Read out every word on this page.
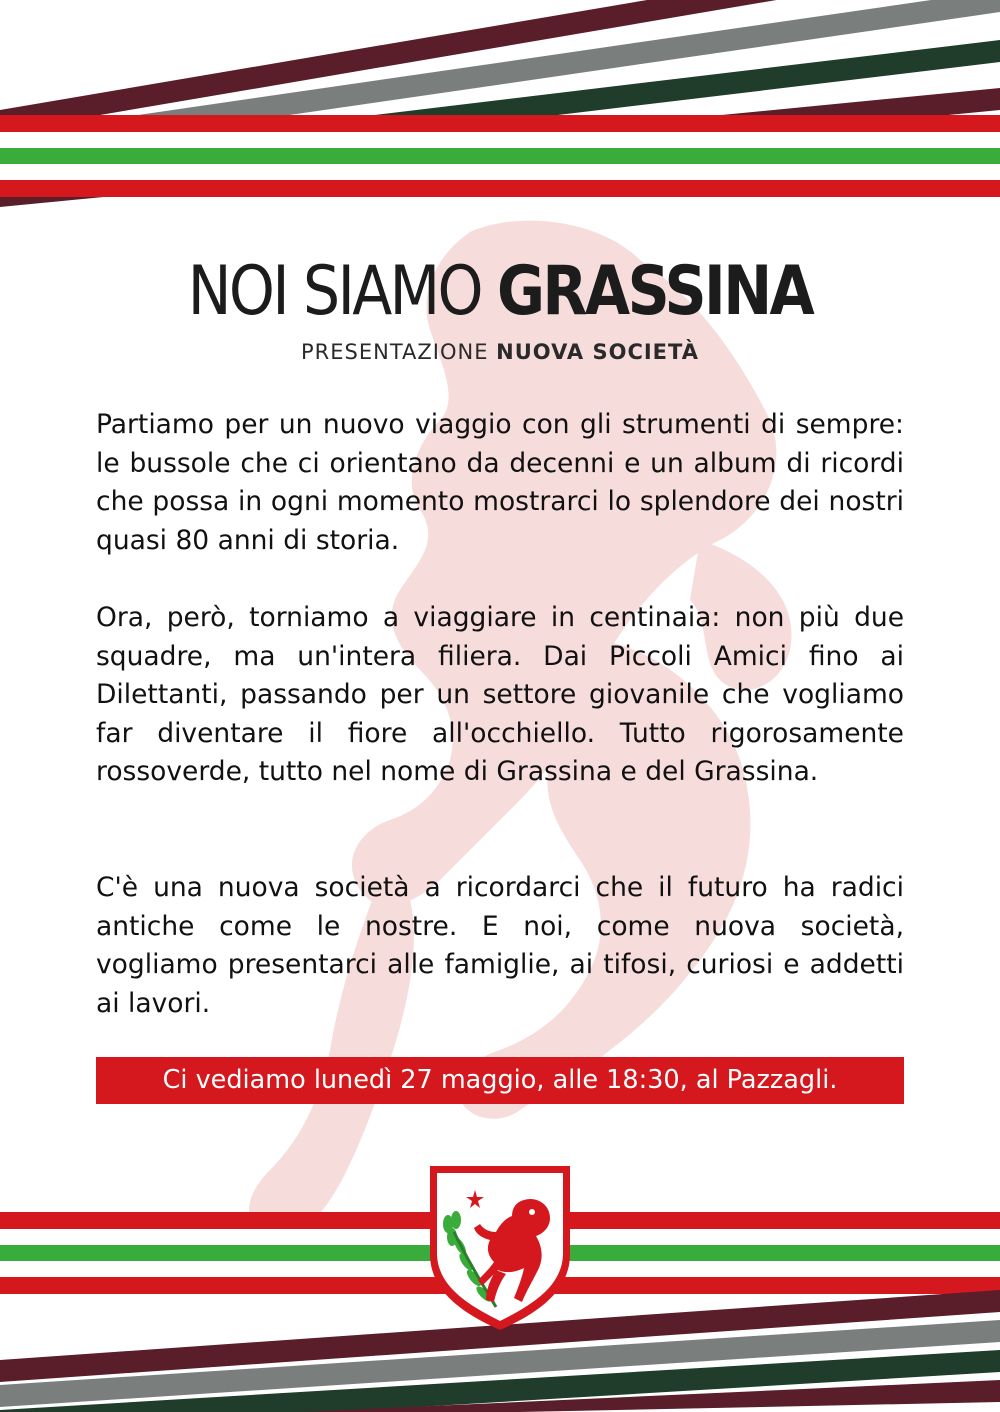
NOI SIAMO GRASSINA
PRESENTAZIONE NUOVA SOCIETÀ

Partiamo per un nuovo viaggio con gli strumenti di sempre: le bussole che ci orientano da decenni e un album di ricordi che possa in ogni momento mostrarci lo splendore dei nostri quasi 80 anni di storia.

Ora, però, torniamo a viaggiare in centinaia: non più due squadre, ma un'intera filiera. Dai Piccoli Amici fino ai Dilettanti, passando per un settore giovanile che vogliamo far diventare il fiore all'occhiello. Tutto rigorosamente rossoverde, tutto nel nome di Grassina e del Grassina.

C'è una nuova società a ricordarci che il futuro ha radici antiche come le nostre. E noi, come nuova società, vogliamo presentarci alle famiglie, ai tifosi, curiosi e addetti ai lavori.

Ci vediamo lunedì 27 maggio, alle 18:30, al Pazzagli.
